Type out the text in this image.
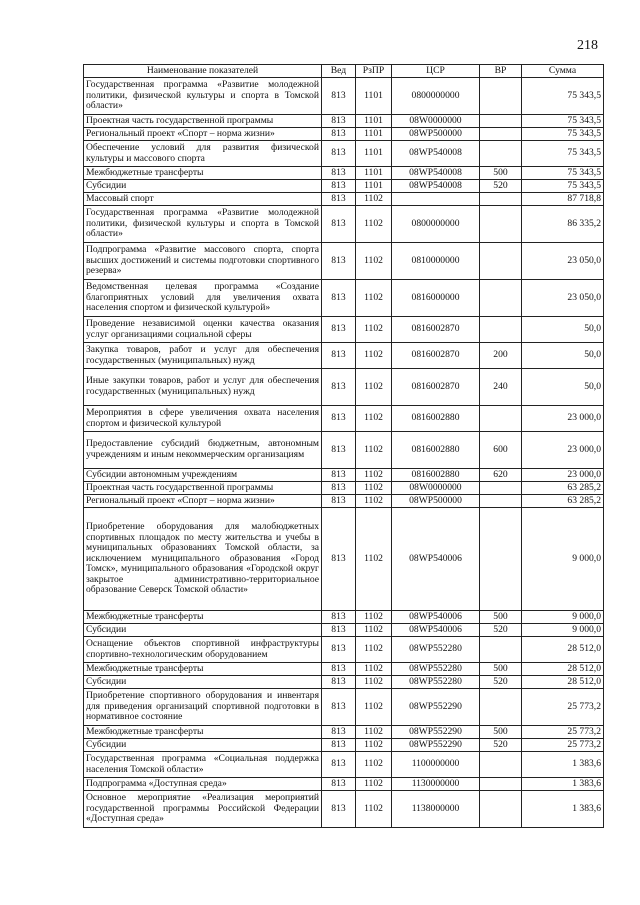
218
Наименование показателей	Вед	РзПР	ЦСР	ВР	Сумма
Государственная программа «Развитие молодежной политики, физической культуры и спорта в Томской области»	813	1101	0800000000		75 343,5
Проектная часть государственной программы	813	1101	08W0000000		75 343,5
Региональный проект «Спорт – норма жизни»	813	1101	08WP500000		75 343,5
Обеспечение условий для развития физической культуры и массового спорта	813	1101	08WP540008		75 343,5
Межбюджетные трансферты	813	1101	08WP540008	500	75 343,5
Субсидии	813	1101	08WP540008	520	75 343,5
Массовый спорт	813	1102			87 718,8
Государственная программа «Развитие молодежной политики, физической культуры и спорта в Томской области»	813	1102	0800000000		86 335,2
Подпрограмма «Развитие массового спорта, спорта высших достижений и системы подготовки спортивного резерва»	813	1102	0810000000		23 050,0
Ведомственная целевая программа «Создание благоприятных условий для увеличения охвата населения спортом и физической культурой»	813	1102	0816000000		23 050,0
Проведение независимой оценки качества оказания услуг организациями социальной сферы	813	1102	0816002870		50,0
Закупка товаров, работ и услуг для обеспечения государственных (муниципальных) нужд	813	1102	0816002870	200	50,0
Иные закупки товаров, работ и услуг для обеспечения государственных (муниципальных) нужд	813	1102	0816002870	240	50,0
Мероприятия в сфере увеличения охвата населения спортом и физической культурой	813	1102	0816002880		23 000,0
Предоставление субсидий бюджетным, автономным учреждениям и иным некоммерческим организациям	813	1102	0816002880	600	23 000,0
Субсидии автономным учреждениям	813	1102	0816002880	620	23 000,0
Проектная часть государственной программы	813	1102	08W0000000		63 285,2
Региональный проект «Спорт – норма жизни»	813	1102	08WP500000		63 285,2
Приобретение оборудования для малобюджетных спортивных площадок по месту жительства и учебы в муниципальных образованиях Томской области, за исключением муниципального образования «Город Томск», муниципального образования «Городской округ закрытое административно-территориальное образование Северск Томской области»	813	1102	08WP540006		9 000,0
Межбюджетные трансферты	813	1102	08WP540006	500	9 000,0
Субсидии	813	1102	08WP540006	520	9 000,0
Оснащение объектов спортивной инфраструктуры спортивно-технологическим оборудованием	813	1102	08WP552280		28 512,0
Межбюджетные трансферты	813	1102	08WP552280	500	28 512,0
Субсидии	813	1102	08WP552280	520	28 512,0
Приобретение спортивного оборудования и инвентаря для приведения организаций спортивной подготовки в нормативное состояние	813	1102	08WP552290		25 773,2
Межбюджетные трансферты	813	1102	08WP552290	500	25 773,2
Субсидии	813	1102	08WP552290	520	25 773,2
Государственная программа «Социальная поддержка населения Томской области»	813	1102	1100000000		1 383,6
Подпрограмма «Доступная среда»	813	1102	1130000000		1 383,6
Основное мероприятие «Реализация мероприятий государственной программы Российской Федерации «Доступная среда»	813	1102	1138000000		1 383,6
